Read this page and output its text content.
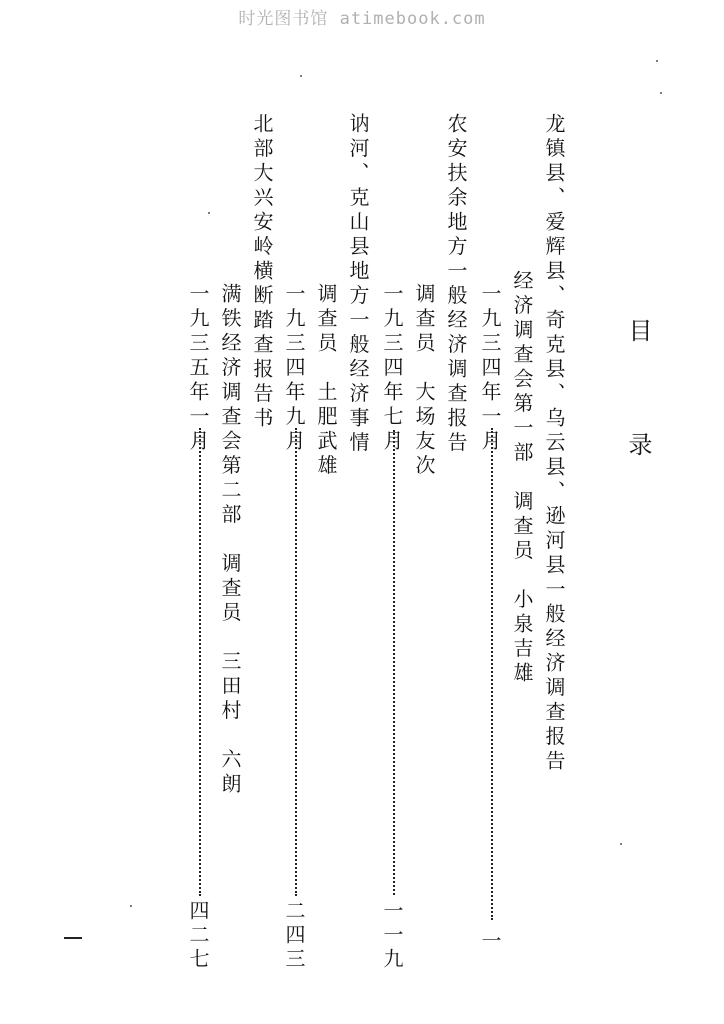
时光图书馆 atimebook.com
目录
龙镇县、爱辉县、奇克县、乌云县、逊河县一般经济调查报告
经济调查会第一部　调查员　小泉吉雄
一九三四年一月
一
农安扶余地方一般经济调查报告
调查员　大场友次
一九三四年七月
一一九
讷河、克山县地方一般经济事情
调查员　土肥武雄
一九三四年九月
二四三
北部大兴安岭横断踏查报告书
满铁经济调查会第二部　调查员　三田村　六朗
一九三五年一月
四二七
